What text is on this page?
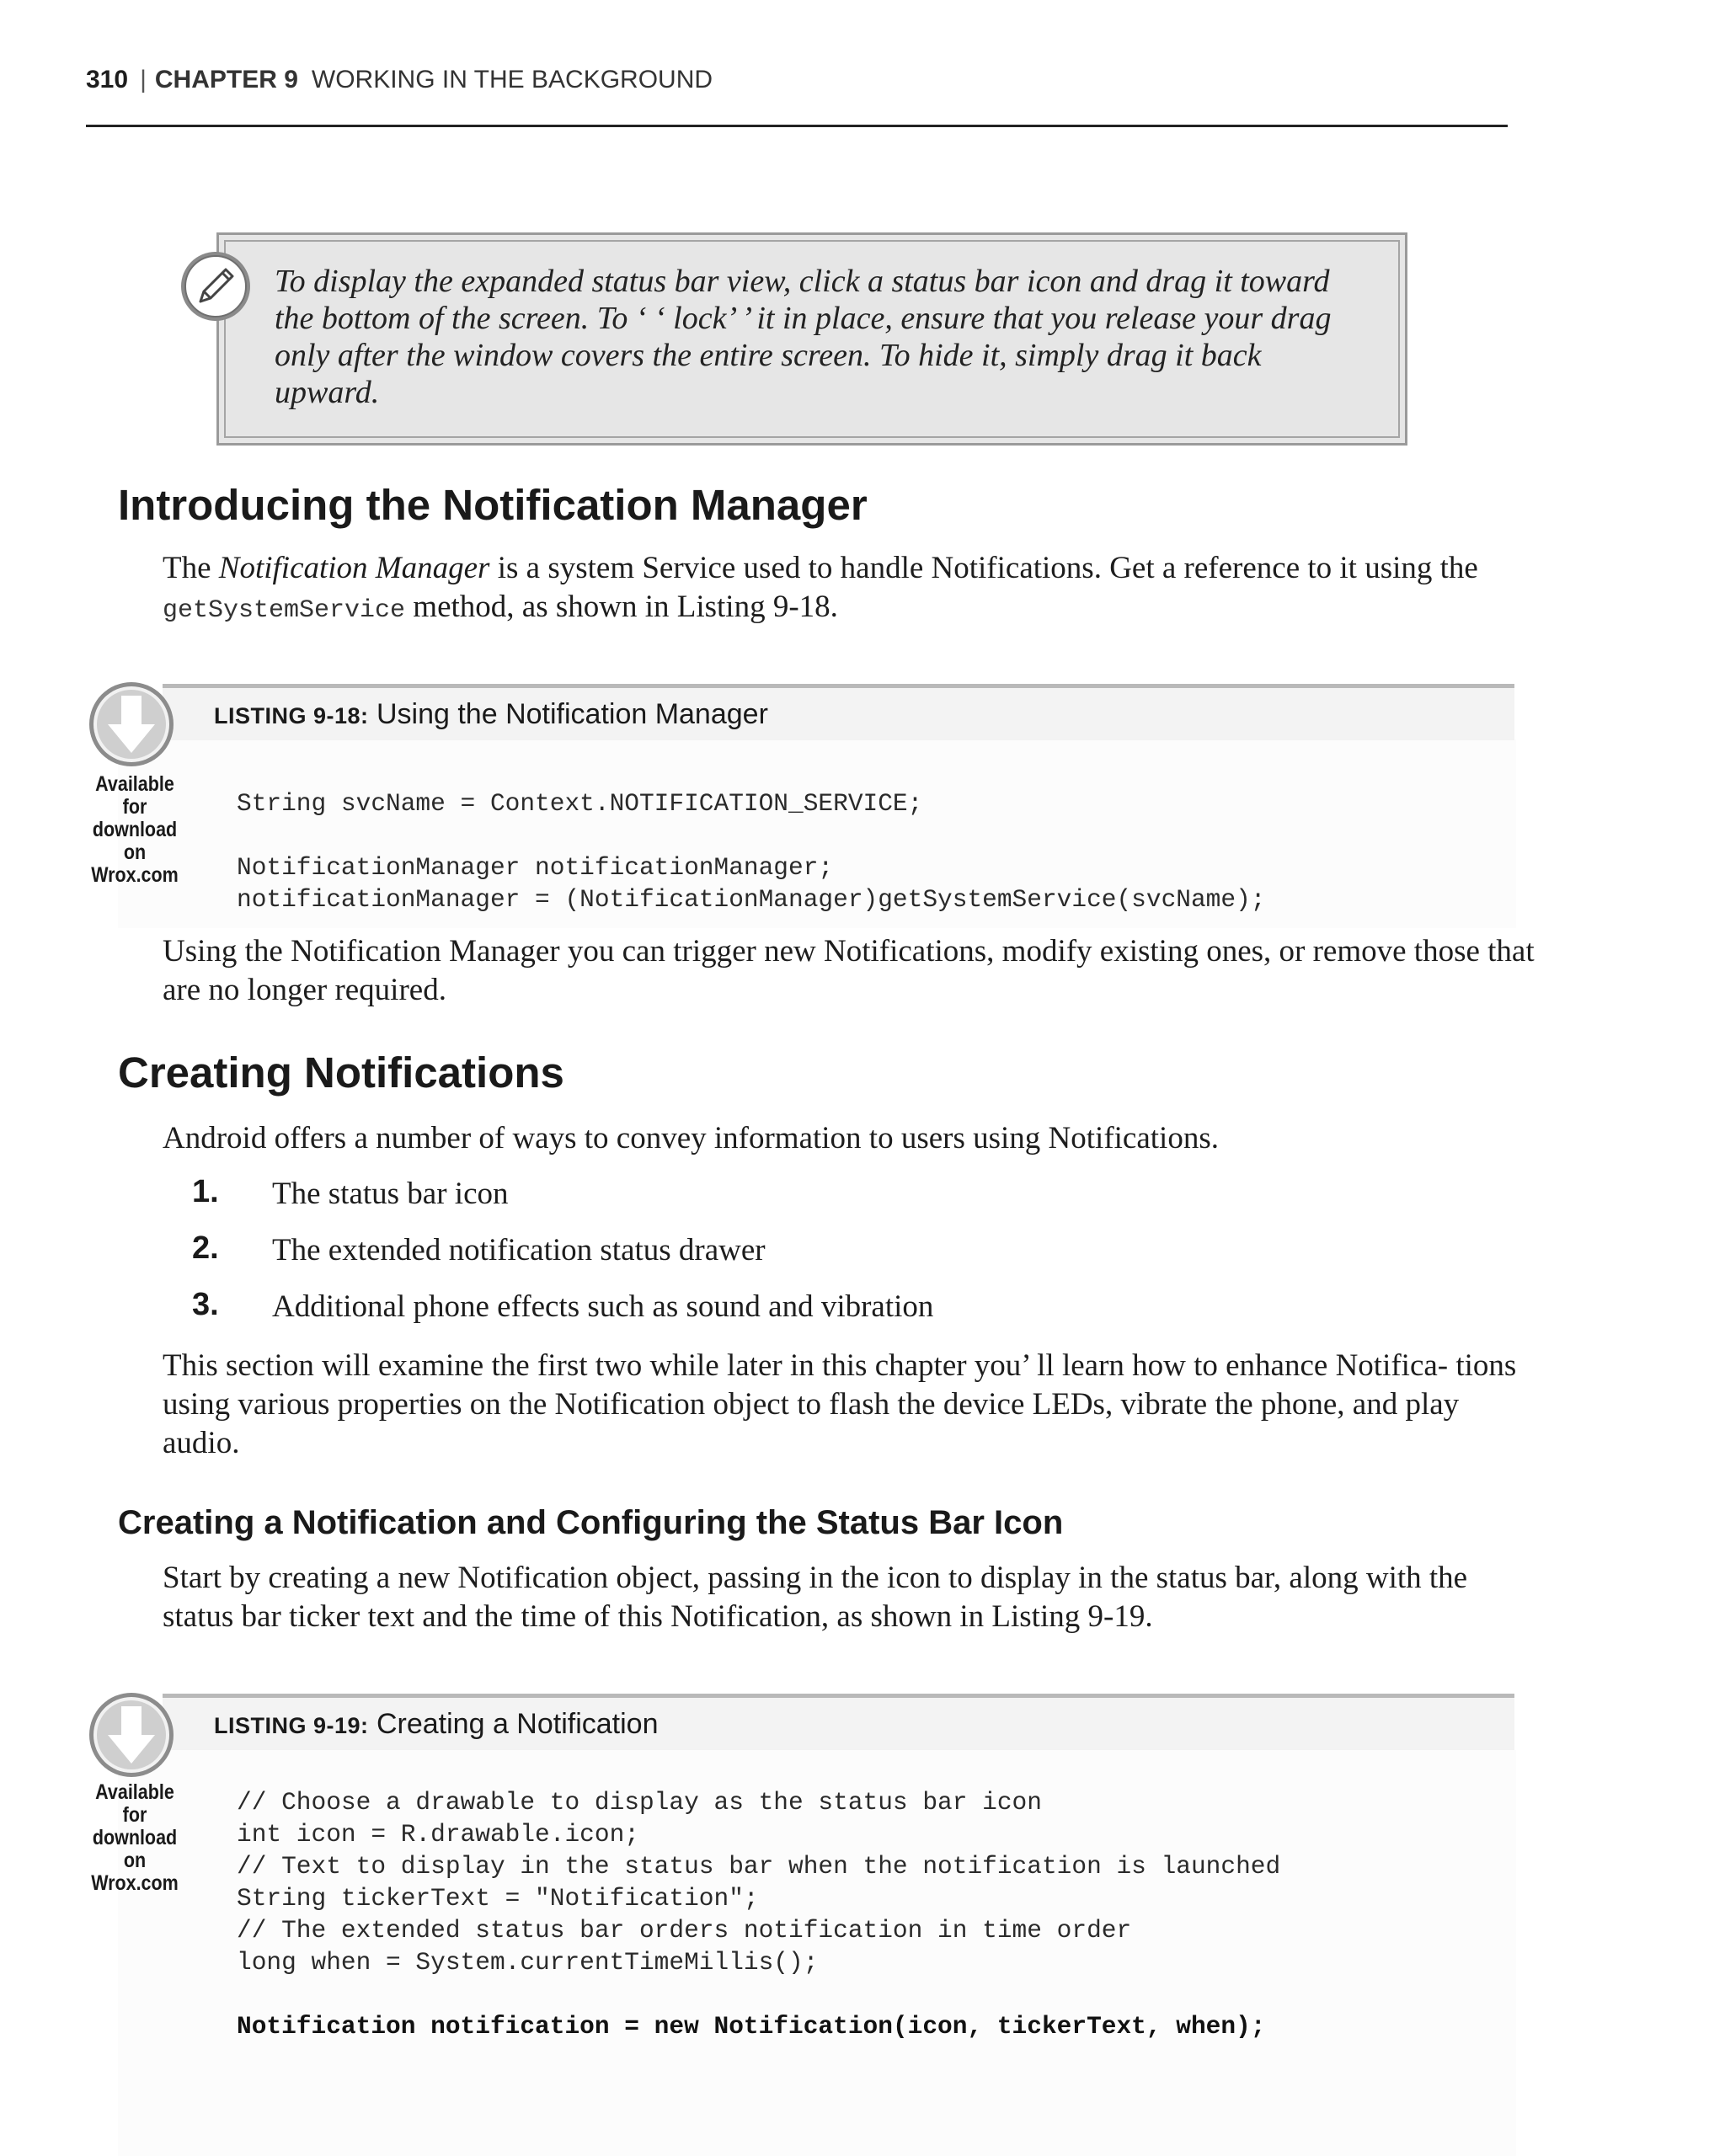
310 | CHAPTER 9 WORKING IN THE BACKGROUND
To display the expanded status bar view, click a status bar icon and drag it toward
the bottom of the screen. To ‘ ‘ lock’ ’ it in place, ensure that you release your drag
only after the window covers the entire screen. To hide it, simply drag it back
upward.
Introducing the Notification Manager
The Notification Manager is a system Service used to handle Notifications. Get a reference to it using the getSystemService method, as shown in Listing 9-18.
LISTING 9-18: Using the Notification Manager
Available for
download on
Wrox.com
String svcName = Context.NOTIFICATION_SERVICE;

NotificationManager notificationManager;
notificationManager = (NotificationManager)getSystemService(svcName);
Using the Notification Manager you can trigger new Notifications, modify existing ones, or remove those that are no longer required.
Creating Notifications
Android offers a number of ways to convey information to users using Notifications.
1. The status bar icon
2. The extended notification status drawer
3. Additional phone effects such as sound and vibration
This section will examine the first two while later in this chapter you’ ll learn how to enhance Notifica- tions using various properties on the Notification object to flash the device LEDs, vibrate the phone, and play audio.
Creating a Notification and Configuring the Status Bar Icon
Start by creating a new Notification object, passing in the icon to display in the status bar, along with the status bar ticker text and the time of this Notification, as shown in Listing 9-19.
LISTING 9-19: Creating a Notification
Available for
download on
Wrox.com
// Choose a drawable to display as the status bar icon
int icon = R.drawable.icon;
// Text to display in the status bar when the notification is launched
String tickerText = "Notification";
// The extended status bar orders notification in time order
long when = System.currentTimeMillis();

Notification notification = new Notification(icon, tickerText, when);
